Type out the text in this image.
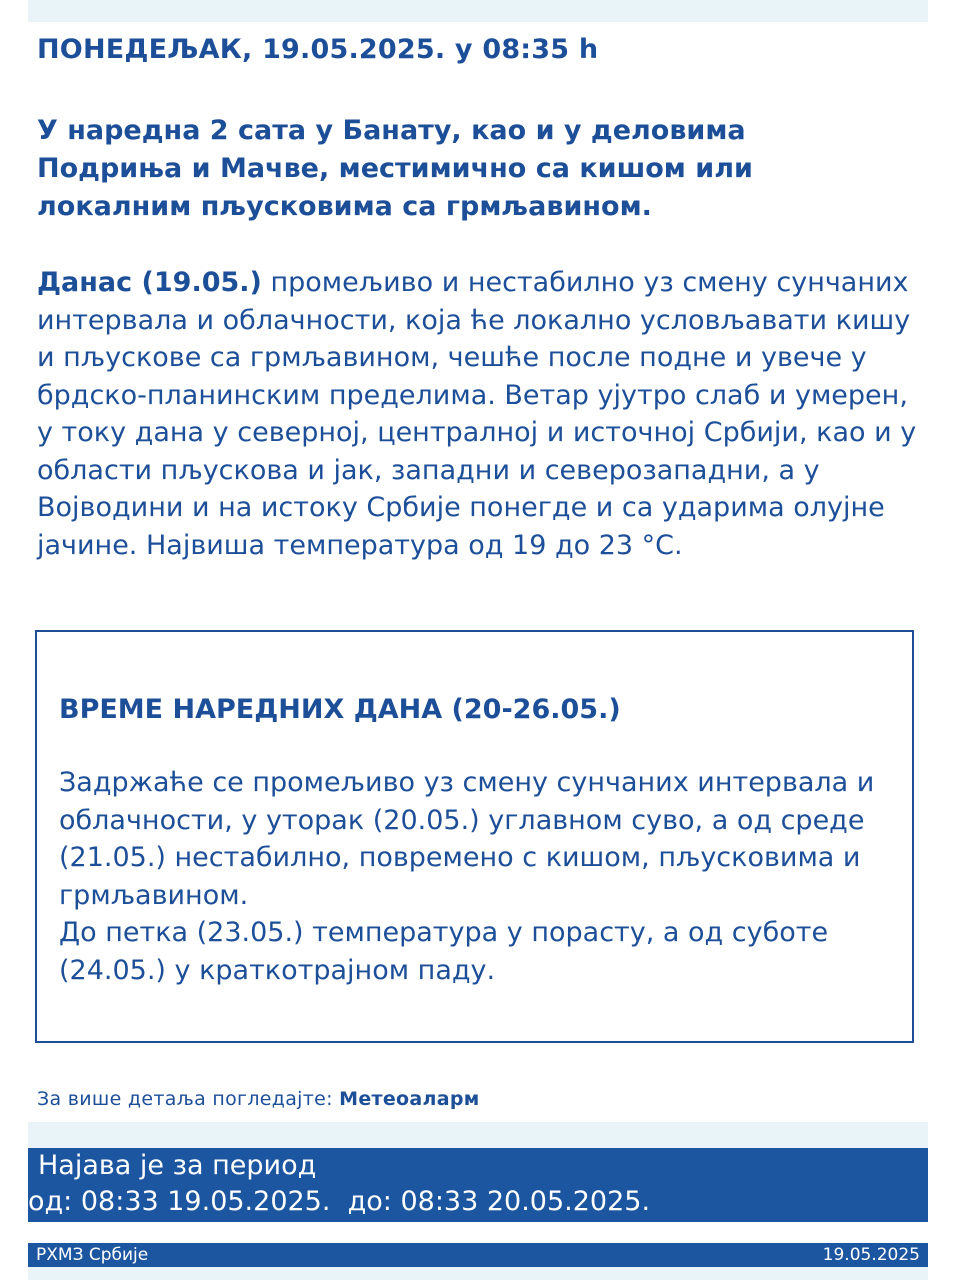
ПОНЕДЕЉАК, 19.05.2025. у 08:35 h

У наредна 2 сата у Банату, као и у деловима Подриња и Мачве, местимично са кишом или локалним пљусковима са грмљавином.

Данас (19.05.) промељиво и нестабилно уз смену сунчаних интервала и облачности, која ће локално условљавати кишу и пљускове са грмљавином, чешће после подне и увече у брдско-планинским пределима. Ветар ујутро слаб и умерен, у току дана у северној, централној и источној Србији, као и у области пљускова и јак, западни и северозападни, а у Војводини и на истоку Србије понегде и са ударима олујне јачине. Највиша температура од 19 до 23 °C.

ВРЕМЕ НАРЕДНИХ ДАНА (20-26.05.)

Задржаће се промељиво уз смену сунчаних интервала и облачности, у уторак (20.05.) углавном суво, а од среде (21.05.) нестабилно, повремено с кишом, пљусковима и грмљавином.
До петка (23.05.) температура у порасту, а од суботе (24.05.) у краткотрајном паду.

За више детаља погледајте: Метеоаларм
Најава је за период
од: 08:33 19.05.2025.  до: 08:33 20.05.2025.
РХМЗ Србије	19.05.2025
